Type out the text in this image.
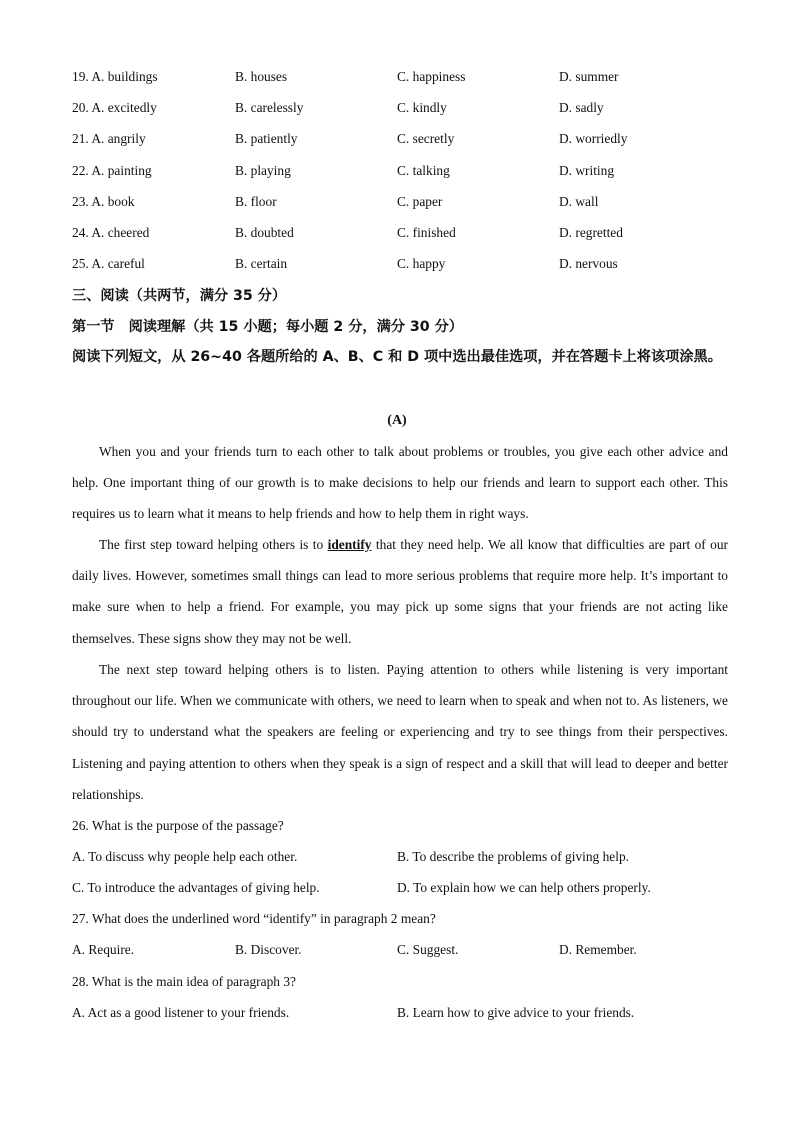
19. A. buildings	B. houses	C. happiness	D. summer
20. A. excitedly	B. carelessly	C. kindly	D. sadly
21. A. angrily	B. patiently	C. secretly	D. worriedly
22. A. painting	B. playing	C. talking	D. writing
23. A. book	B. floor	C. paper	D. wall
24. A. cheered	B. doubted	C. finished	D. regretted
25. A. careful	B. certain	C. happy	D. nervous
三、阅读（共两节，满分 35 分）
第一节 阅读理解（共 15 小题；每小题 2 分，满分 30 分）
阅读下列短文，从 26~40 各题所给的 A、B、C 和 D 项中选出最佳选项，并在答题卡上将该项涂黑。
(A)

When you and your friends turn to each other to talk about problems or troubles, you give each other advice and help. One important thing of our growth is to make decisions to help our friends and learn to support each other. This requires us to learn what it means to help friends and how to help them in right ways.

The first step toward helping others is to identify that they need help. We all know that difficulties are part of our daily lives. However, sometimes small things can lead to more serious problems that require more help. It’s important to make sure when to help a friend. For example, you may pick up some signs that your friends are not acting like themselves. These signs show they may not be well.

The next step toward helping others is to listen. Paying attention to others while listening is very important throughout our life. When we communicate with others, we need to learn when to speak and when not to. As listeners, we should try to understand what the speakers are feeling or experiencing and try to see things from their perspectives. Listening and paying attention to others when they speak is a sign of respect and a skill that will lead to deeper and better relationships.

26. What is the purpose of the passage?
A. To discuss why people help each other.	B. To describe the problems of giving help.
C. To introduce the advantages of giving help.	D. To explain how we can help others properly.
27. What does the underlined word “identify” in paragraph 2 mean?
A. Require.	B. Discover.	C. Suggest.	D. Remember.
28. What is the main idea of paragraph 3?
A. Act as a good listener to your friends.	B. Learn how to give advice to your friends.
